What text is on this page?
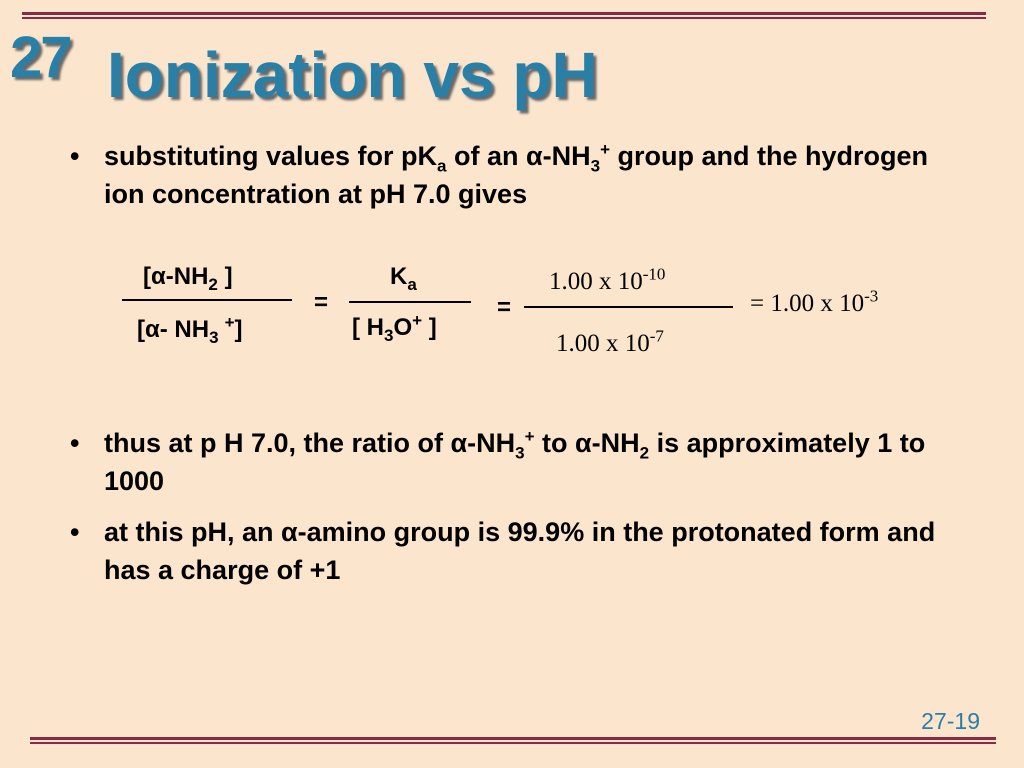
27 Ionization vs pH
• substituting values for $pK_a$ of an $\alpha-NH_3^+$ group and the hydrogen ion concentration at pH 7.0 gives
[$\alpha-NH_2$ ]
[α- $NH_3^+$]
=
$K_a$
[ $H_3O^+$ ]
=
1.00 x $10^{-10}$
1.00 x $10^{-7}$
= 1.00 x $10^{-3}$
• thus at p H 7.0, the ratio of $\alpha-NH_3^+$ to $\alpha-NH_2$ is approximately 1 to 1000
• at this pH, an α-amino group is 99.9% in the protonated form and has a charge of +1
27-19
